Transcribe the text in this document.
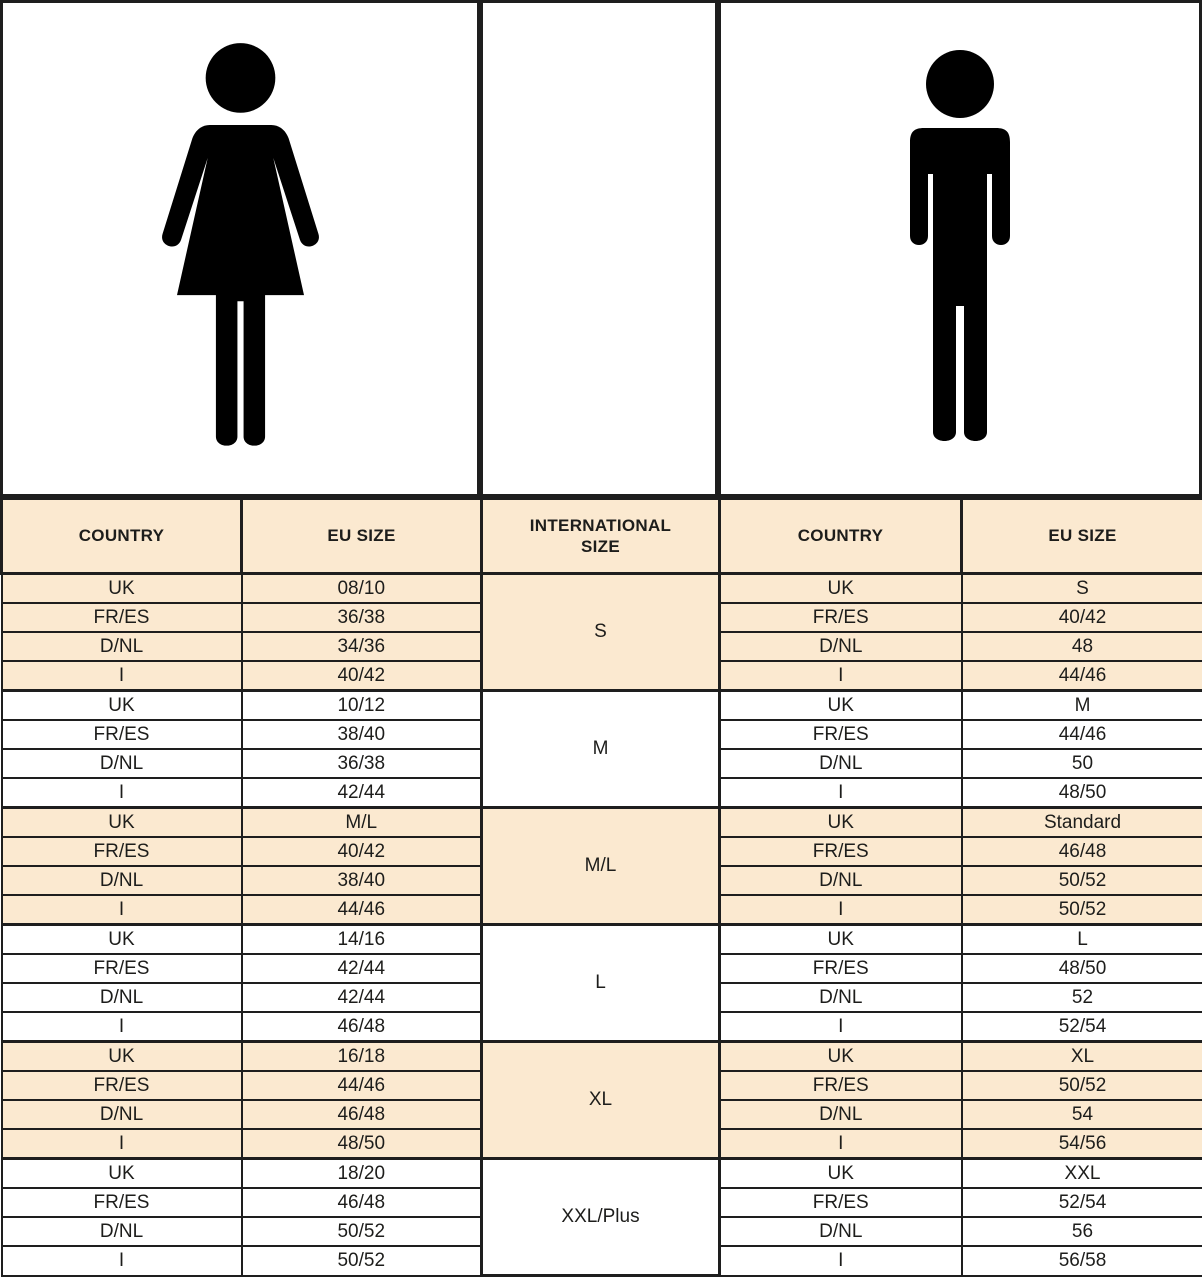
COUNTRY	EU SIZE	INTERNATIONAL SIZE	COUNTRY	EU SIZE
UK	08/10	S	UK	S
FR/ES	36/38		FR/ES	40/42
D/NL	34/36		D/NL	48
I	40/42		I	44/46
UK	10/12	M	UK	M
FR/ES	38/40		FR/ES	44/46
D/NL	36/38		D/NL	50
I	42/44		I	48/50
UK	M/L	M/L	UK	Standard
FR/ES	40/42		FR/ES	46/48
D/NL	38/40		D/NL	50/52
I	44/46		I	50/52
UK	14/16	L	UK	L
FR/ES	42/44		FR/ES	48/50
D/NL	42/44		D/NL	52
I	46/48		I	52/54
UK	16/18	XL	UK	XL
FR/ES	44/46		FR/ES	50/52
D/NL	46/48		D/NL	54
I	48/50		I	54/56
UK	18/20	XXL/Plus	UK	XXL
FR/ES	46/48		FR/ES	52/54
D/NL	50/52		D/NL	56
I	50/52		I	56/58
